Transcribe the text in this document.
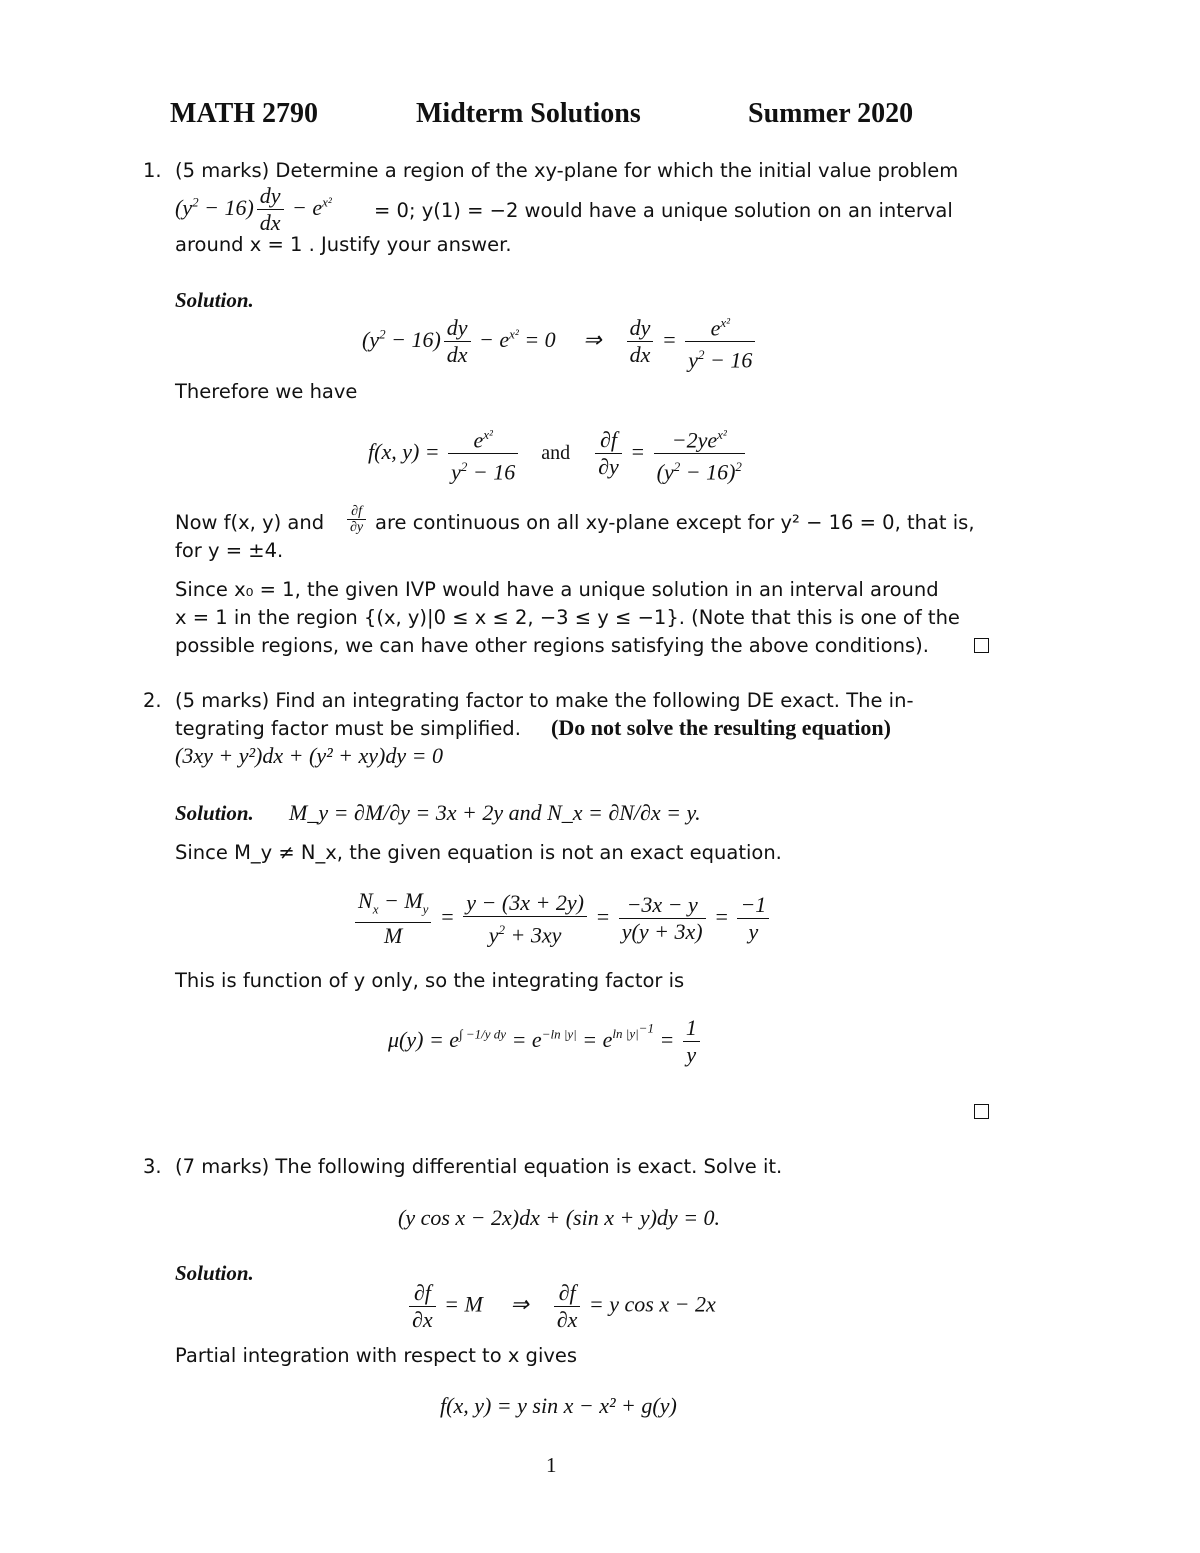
MATH 2790	Midterm Solutions	Summer 2020
1. (5 marks) Determine a region of the xy-plane for which the initial value problem
$(y^2 - 16) \frac{dy}{dx} - e^{x^2} = 0$; y(1) = −2 would have a unique solution on an interval
around x = 1 . Justify your answer.
Solution.
$(y^2 - 16) \frac{dy}{dx} - e^{x^2} = 0$     ⇒ $\frac{dy}{dx} = \frac{e^{x^2}}{y^2 - 16}$
Therefore we have
f(x, $y) = \frac{e^{x^2}}{y^2 - 16}$ and $\frac{\partial f}{\partial y} = \frac{-2ye^{x^2}}{(y^2 - 16)^2}$
Now f(x, y) and $\frac{\partial f}{\partial y}$ are continuous on all xy-plane except for y² − 16 = 0, that is,
for y = ±4.
Since x₀ = 1, the given IVP would have a unique solution in an interval around
x = 1 in the region {(x, y)|0 ≤ x ≤ 2, −3 ≤ y ≤ −1}. (Note that this is one of the
possible regions, we can have other regions satisfying the above conditions).
2. (5 marks) Find an integrating factor to make the following DE exact. The in-
tegrating factor must be simplified. (Do not solve the resulting equation)
(3xy + y²)dx + (y² + xy)dy = 0
Solution. M_y = ∂M/∂y = 3x + 2y and N_x = ∂N/∂x = y.
Since M_y ≠ N_x, the given equation is not an exact equation.
$\frac{N_x - M_y}{M} = \frac{y - (3x + 2y)}{y^2 + 3xy} = \frac{-3x - y}{y(y + 3x)} = \frac{-1}{y}$
This is function of y only, so the integrating factor is
$\mu(y) = e^{\int -1/y dy} = e^{-ln |y|} = e^{ln |y|^{-1}} = \frac{1}{y}$
3. (7 marks) The following differential equation is exact. Solve it.
(y cos x − 2x)dx + (sin x + y)dy = 0.
Solution.
$\frac{\partial f}{\partial x} = M$     ⇒ $\frac{\partial f}{\partial x} = y$ cos x − 2x
Partial integration with respect to x gives
f(x, y) = y sin x − x² + g(y)
1
